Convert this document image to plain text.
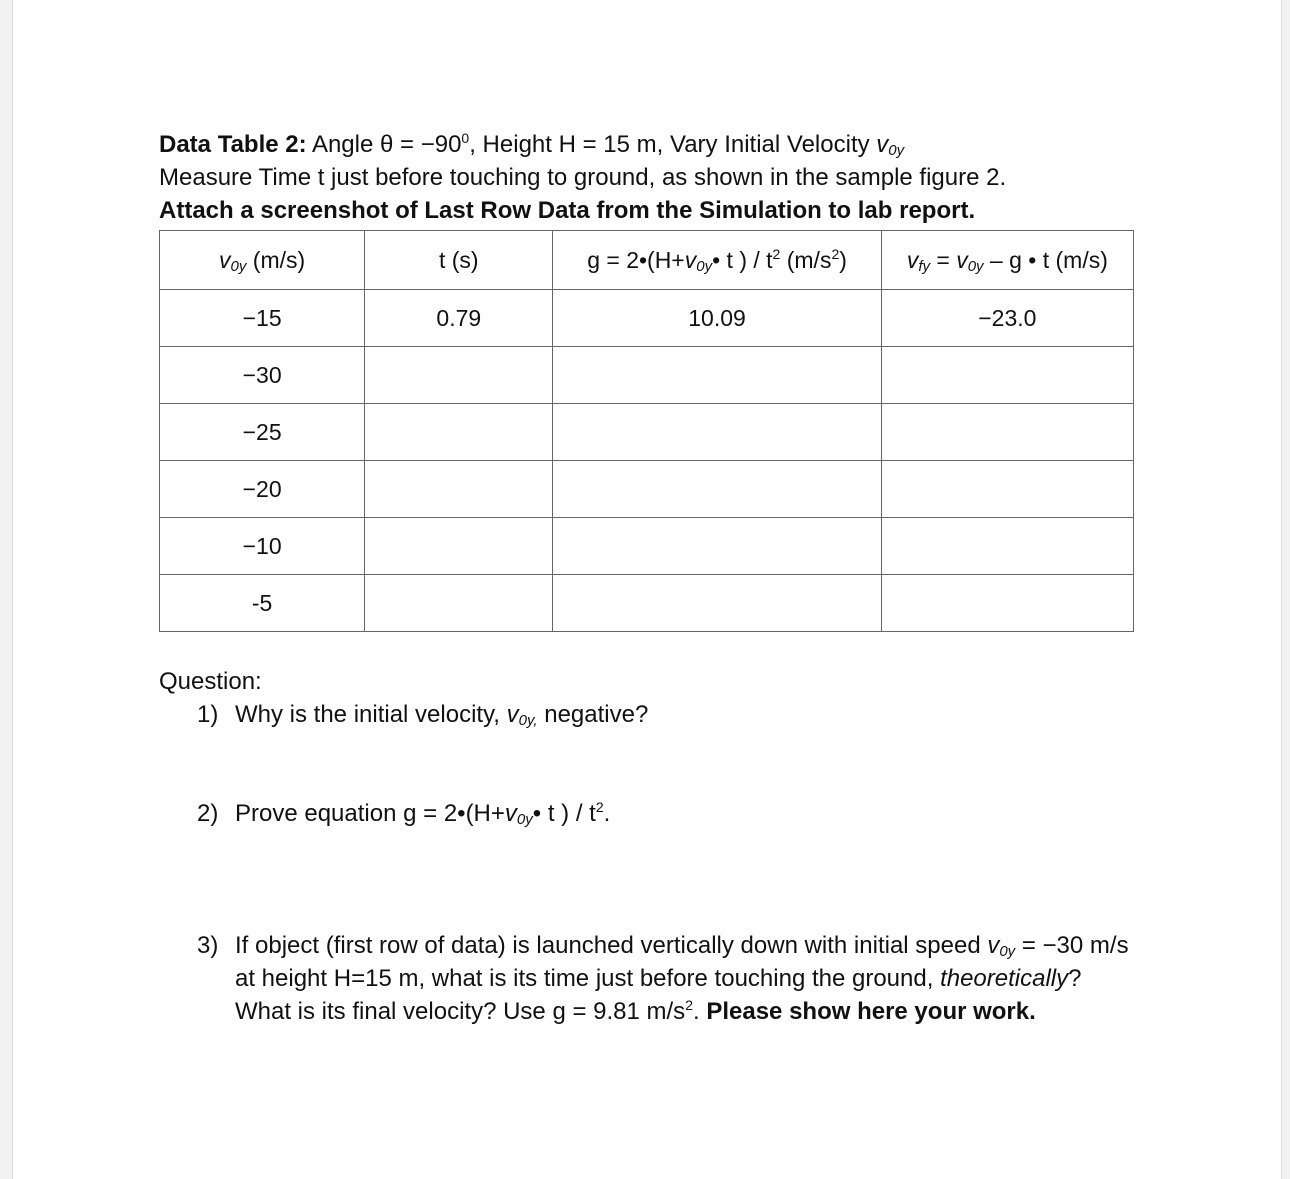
Data Table 2: Angle $\theta = -90^0$, Height H = 15 m, Vary Initial Velocity $v_{0y}$
Measure Time t just before touching to ground, as shown in the sample figure 2.
Attach a screenshot of Last Row Data from the Simulation to lab report.
$v_{0y}$ (m/s)	t (s)	$g = 2•(H+v_{0y}•$ t ) / $t^2$ $(m/s^2)$	$v_{fy} = v_{0y} - g$ • t (m/s)
−15	0.79	10.09	−23.0
−30			
−25			
−20			
−10			
-5			
Question:
1) Why is the initial velocity, $v_{0y,}$ negative?
2) Prove equation $g = 2•(H+v_{0y}•$ t ) / $t^2$.
3) If object (first row of data) is launched vertically down with initial speed $v_{0y} = -30$ m/s at height H=15 m, what is its time just before touching the ground, theoretically? What is its final velocity? Use g = 9.81 $m/s^2$. Please show here your work.
